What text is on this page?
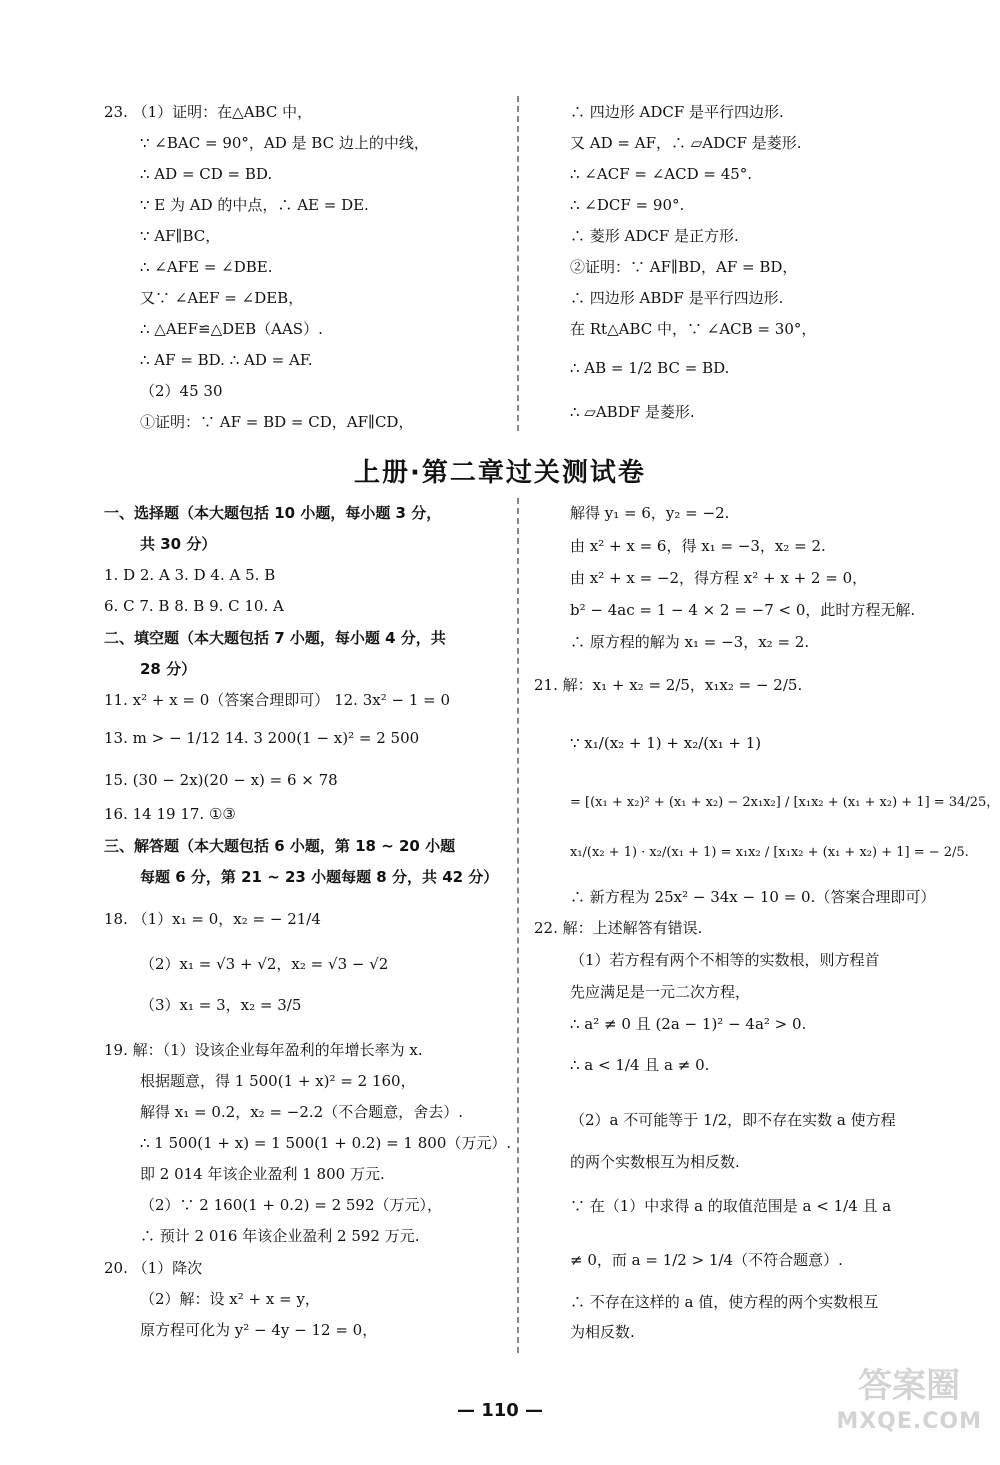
23. （1）证明：在△ABC 中，
∵ ∠BAC = 90°，AD 是 BC 边上的中线，
∴ AD = CD = BD.
∵ E 为 AD 的中点，∴ AE = DE.
∵ AF∥BC，
∴ ∠AFE = ∠DBE.
又∵ ∠AEF = ∠DEB，
∴ △AEF≌△DEB（AAS）.
∴ AF = BD. ∴ AD = AF.
（2）45 30
①证明：∵ AF = BD = CD，AF∥CD，
∴ 四边形 ADCF 是平行四边形.
又 AD = AF，∴ ▱ADCF 是菱形.
∴ ∠ACF = ∠ACD = 45°.
∴ ∠DCF = 90°.
∴ 菱形 ADCF 是正方形.
②证明：∵ AF∥BD，AF = BD，
∴ 四边形 ABDF 是平行四边形.
在 Rt△ABC 中，∵ ∠ACB = 30°，
∴ AB = 1/2 BC = BD.
∴ ▱ABDF 是菱形.
上册·第二章过关测试卷
一、选择题（本大题包括 10 小题，每小题 3 分，
共 30 分）
1. D 2. A 3. D 4. A 5. B
6. C 7. B 8. B 9. C 10. A
二、填空题（本大题包括 7 小题，每小题 4 分，共
28 分）
11. x² + x = 0（答案合理即可） 12. 3x² − 1 = 0
13. m > − 1/12 14. 3 200(1 − x)² = 2 500
15. (30 − 2x)(20 − x) = 6 × 78
16. 14 19 17. ①③
三、解答题（本大题包括 6 小题，第 18 ~ 20 小题
每题 6 分，第 21 ~ 23 小题每题 8 分，共 42 分）
18. （1）x₁ = 0，x₂ = − 21/4
（2）x₁ = √3 + √2，x₂ = √3 − √2
（3）x₁ = 3，x₂ = 3/5
19. 解：（1）设该企业每年盈利的年增长率为 x.
根据题意，得 1 500(1 + x)² = 2 160，
解得 x₁ = 0.2，x₂ = −2.2（不合题意，舍去）.
∴ 1 500(1 + x) = 1 500(1 + 0.2) = 1 800（万元）.
即 2 014 年该企业盈利 1 800 万元.
（2）∵ 2 160(1 + 0.2) = 2 592（万元），
∴ 预计 2 016 年该企业盈利 2 592 万元.
20. （1）降次
（2）解：设 x² + x = y，
原方程可化为 y² − 4y − 12 = 0，
解得 y₁ = 6，y₂ = −2.
由 x² + x = 6，得 x₁ = −3，x₂ = 2.
由 x² + x = −2，得方程 x² + x + 2 = 0，
b² − 4ac = 1 − 4 × 2 = −7 < 0，此时方程无解.
∴ 原方程的解为 x₁ = −3，x₂ = 2.
21. 解：x₁ + x₂ = 2/5，x₁x₂ = − 2/5.
∵ x₁/(x₂ + 1) + x₂/(x₁ + 1)
= [(x₁ + x₂)² + (x₁ + x₂) − 2x₁x₂] / [x₁x₂ + (x₁ + x₂) + 1] = 34/25，
x₁/(x₂ + 1) · x₂/(x₁ + 1) = x₁x₂ / [x₁x₂ + (x₁ + x₂) + 1] = − 2/5.
∴ 新方程为 25x² − 34x − 10 = 0.（答案合理即可）
22. 解：上述解答有错误.
（1）若方程有两个不相等的实数根，则方程首
先应满足是一元二次方程，
∴ a² ≠ 0 且 (2a − 1)² − 4a² > 0.
∴ a < 1/4 且 a ≠ 0.
（2）a 不可能等于 1/2，即不存在实数 a 使方程
的两个实数根互为相反数.
∵ 在（1）中求得 a 的取值范围是 a < 1/4 且 a
≠ 0，而 a = 1/2 > 1/4（不符合题意）.
∴ 不存在这样的 a 值，使方程的两个实数根互
为相反数.
— 110 —
答案圈
MXQE.COM
